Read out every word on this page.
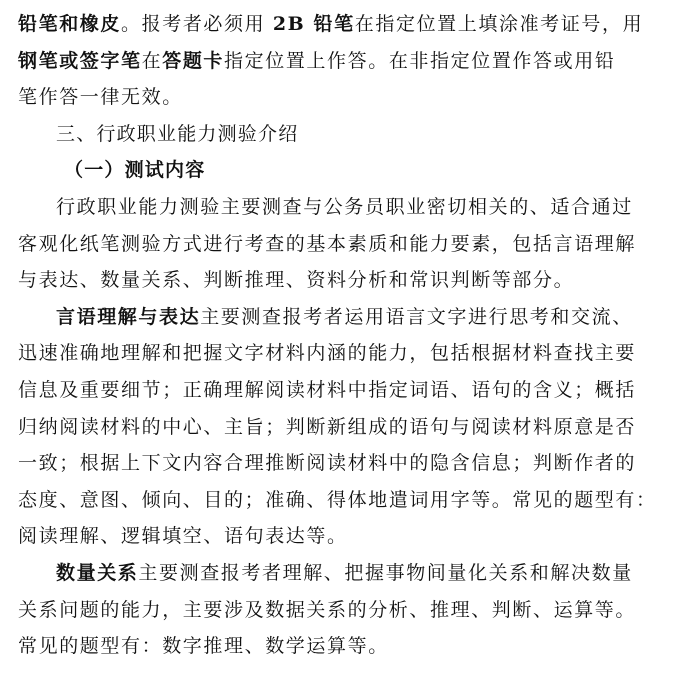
铅笔和橡皮。报考者必须用 2B 铅笔在指定位置上填涂准考证号，用

钢笔或签字笔在答题卡指定位置上作答。在非指定位置作答或用铅

笔作答一律无效。

三、行政职业能力测验介绍

（一）测试内容

行政职业能力测验主要测查与公务员职业密切相关的、适合通过

客观化纸笔测验方式进行考查的基本素质和能力要素，包括言语理解

与表达、数量关系、判断推理、资料分析和常识判断等部分。

言语理解与表达主要测查报考者运用语言文字进行思考和交流、

迅速准确地理解和把握文字材料内涵的能力，包括根据材料查找主要

信息及重要细节；正确理解阅读材料中指定词语、语句的含义；概括

归纳阅读材料的中心、主旨；判断新组成的语句与阅读材料原意是否

一致；根据上下文内容合理推断阅读材料中的隐含信息；判断作者的

态度、意图、倾向、目的；准确、得体地遣词用字等。常见的题型有：

阅读理解、逻辑填空、语句表达等。

数量关系主要测查报考者理解、把握事物间量化关系和解决数量

关系问题的能力，主要涉及数据关系的分析、推理、判断、运算等。

常见的题型有：数字推理、数学运算等。
